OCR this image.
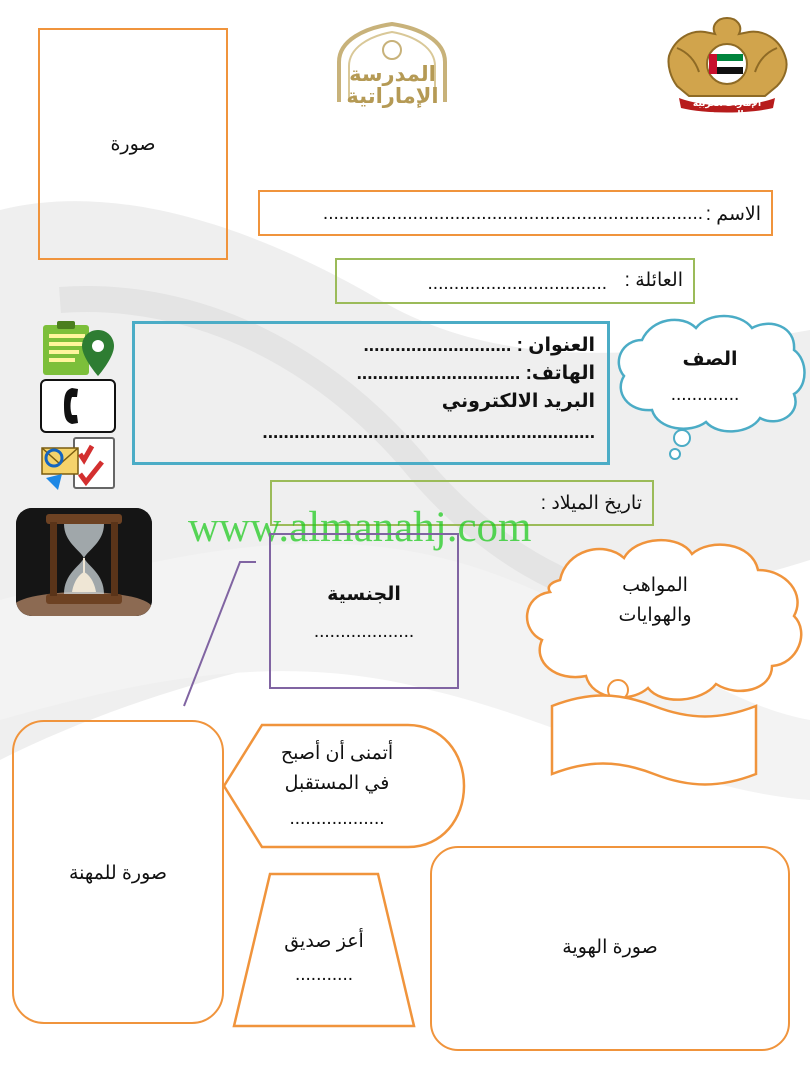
صورة
المدرسة
الإماراتية	الإمارات العربية المتحدة
الاسم :
........................................................................
العائلة :
..................................
العنوان : ............................
الهاتف: ...............................
البريد الالكتروني
...............................................................
الصف
.............
تاريخ الميلاد :
www.almanahj.com
الجنسية
...................
المواهب
والهوايات
صورة للمهنة
أتمنى أن أصبح
في المستقبل
..................
أعز صديق
...........
صورة الهوية
